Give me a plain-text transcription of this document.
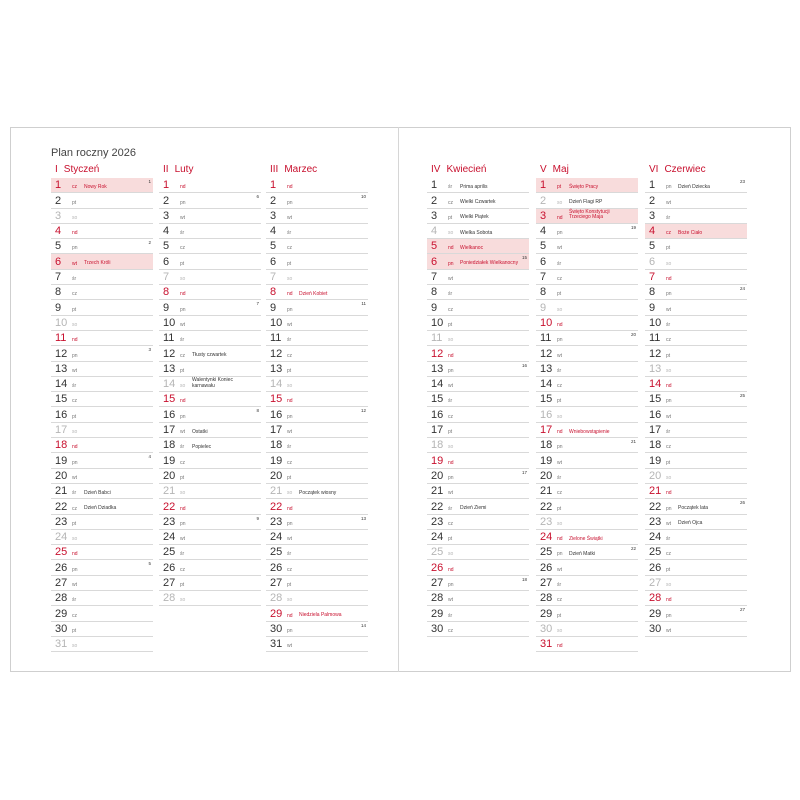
Plan roczny 2026
I Styczeń
1 cz Nowy Rok
1
2 pt
3 so
4 nd
5 pn
2
6 wt Trzech Króli
7 śr
8 cz
9 pt
10 so
11 nd
12 pn
3
13 wt
14 śr
15 cz
16 pt
17 so
18 nd
19 pn
4
20 wt
21 śr Dzień Babci
22 cz Dzień Dziadka
23 pt
24 so
25 nd
26 pn
5
27 wt
28 śr
29 cz
30 pt
31 so
II Luty
1 nd
2 pn
6
3 wt
4 śr
5 cz
6 pt
7 so
8 nd
9 pn
7
10 wt
11 śr
12 cz Tłusty czwartek
13 pt
14 so
Walentynki Koniec karnawału
15 nd
16 pn
8
17 wt Ostatki
18 śr Popielec
19 cz
20 pt
21 so
22 nd
23 pn
9
24 wt
25 śr
26 cz
27 pt
28 so
III Marzec
1 nd
2 pn
10
3 wt
4 śr
5 cz
6 pt
7 so
8 nd Dzień Kobiet
9 pn
11
10 wt
11 śr
12 cz
13 pt
14 so
15 nd
16 pn
12
17 wt
18 śr
19 cz
20 pt
21 so Początek wiosny
22 nd
23 pn
13
24 wt
25 śr
26 cz
27 pt
28 so
29 nd Niedziela Palmowa
30 pn
14
31 wt
IV Kwiecień
1 śr Prima aprilis
2 cz Wielki Czwartek
3 pt Wielki Piątek
4 so Wielka Sobota
5 nd Wielkanoc
6 pn Poniedziałek Wielkanocny
15
7 wt
8 śr
9 cz
10 pt
11 so
12 nd
13 pn
16
14 wt
15 śr
16 cz
17 pt
18 so
19 nd
20 pn
17
21 wt
22 śr Dzień Ziemi
23 cz
24 pt
25 so
26 nd
27 pn
18
28 wt
29 śr
30 cz
V Maj
1 pt Święto Pracy
2 so Dzień Flagi RP
3 nd
Święto Konstytucji Trzeciego Maja
4 pn
19
5 wt
6 śr
7 cz
8 pt
9 so
10 nd
11 pn
20
12 wt
13 śr
14 cz
15 pt
16 so
17 nd Wniebowstąpienie
18 pn
21
19 wt
20 śr
21 cz
22 pt
23 so
24 nd Zielone Świątki
25 pn Dzień Matki
22
26 wt
27 śr
28 cz
29 pt
30 so
31 nd
VI Czerwiec
1 pn Dzień Dziecka
23
2 wt
3 śr
4 cz Boże Ciało
5 pt
6 so
7 nd
8 pn
24
9 wt
10 śr
11 cz
12 pt
13 so
14 nd
15 pn
25
16 wt
17 śr
18 cz
19 pt
20 so
21 nd
22 pn Początek lata
26
23 wt Dzień Ojca
24 śr
25 cz
26 pt
27 so
28 nd
29 pn
27
30 wt
